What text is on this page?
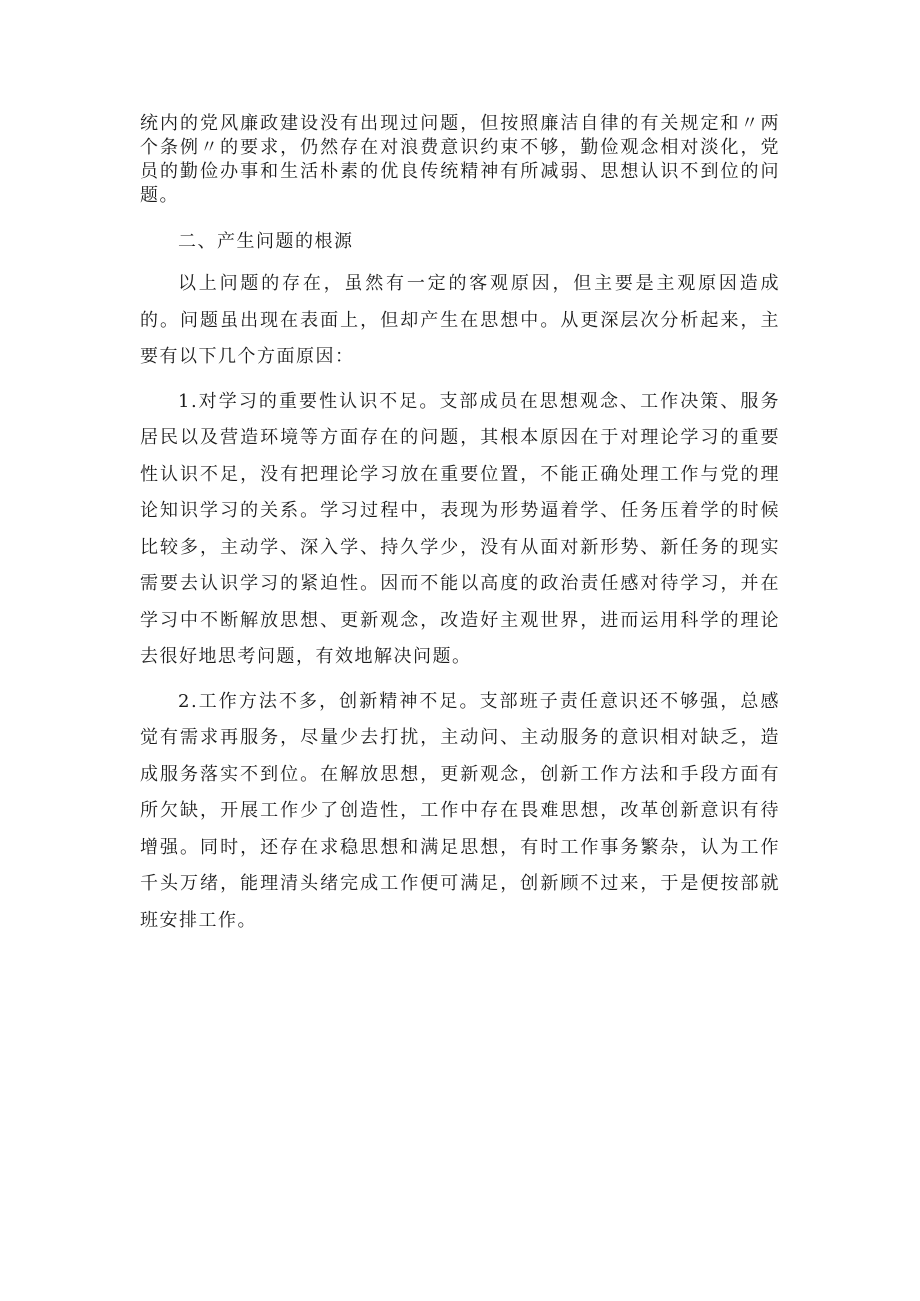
统内的党风廉政建设没有出现过问题，但按照廉洁自律的有关规定和〃两个条例〃的要求，仍然存在对浪费意识约束不够，勤俭观念相对淡化，党员的勤俭办事和生活朴素的优良传统精神有所减弱、思想认识不到位的问题。

二、产生问题的根源

以上问题的存在，虽然有一定的客观原因，但主要是主观原因造成的。问题虽出现在表面上，但却产生在思想中。从更深层次分析起来，主要有以下几个方面原因：

1.对学习的重要性认识不足。支部成员在思想观念、工作决策、服务居民以及营造环境等方面存在的问题，其根本原因在于对理论学习的重要性认识不足，没有把理论学习放在重要位置，不能正确处理工作与党的理论知识学习的关系。学习过程中，表现为形势逼着学、任务压着学的时候比较多，主动学、深入学、持久学少，没有从面对新形势、新任务的现实需要去认识学习的紧迫性。因而不能以高度的政治责任感对待学习，并在学习中不断解放思想、更新观念，改造好主观世界，进而运用科学的理论去很好地思考问题，有效地解决问题。

2.工作方法不多，创新精神不足。支部班子责任意识还不够强，总感觉有需求再服务，尽量少去打扰，主动问、主动服务的意识相对缺乏，造成服务落实不到位。在解放思想，更新观念，创新工作方法和手段方面有所欠缺，开展工作少了创造性，工作中存在畏难思想，改革创新意识有待增强。同时，还存在求稳思想和满足思想，有时工作事务繁杂，认为工作千头万绪，能理清头绪完成工作便可满足，创新顾不过来，于是便按部就班安排工作。
